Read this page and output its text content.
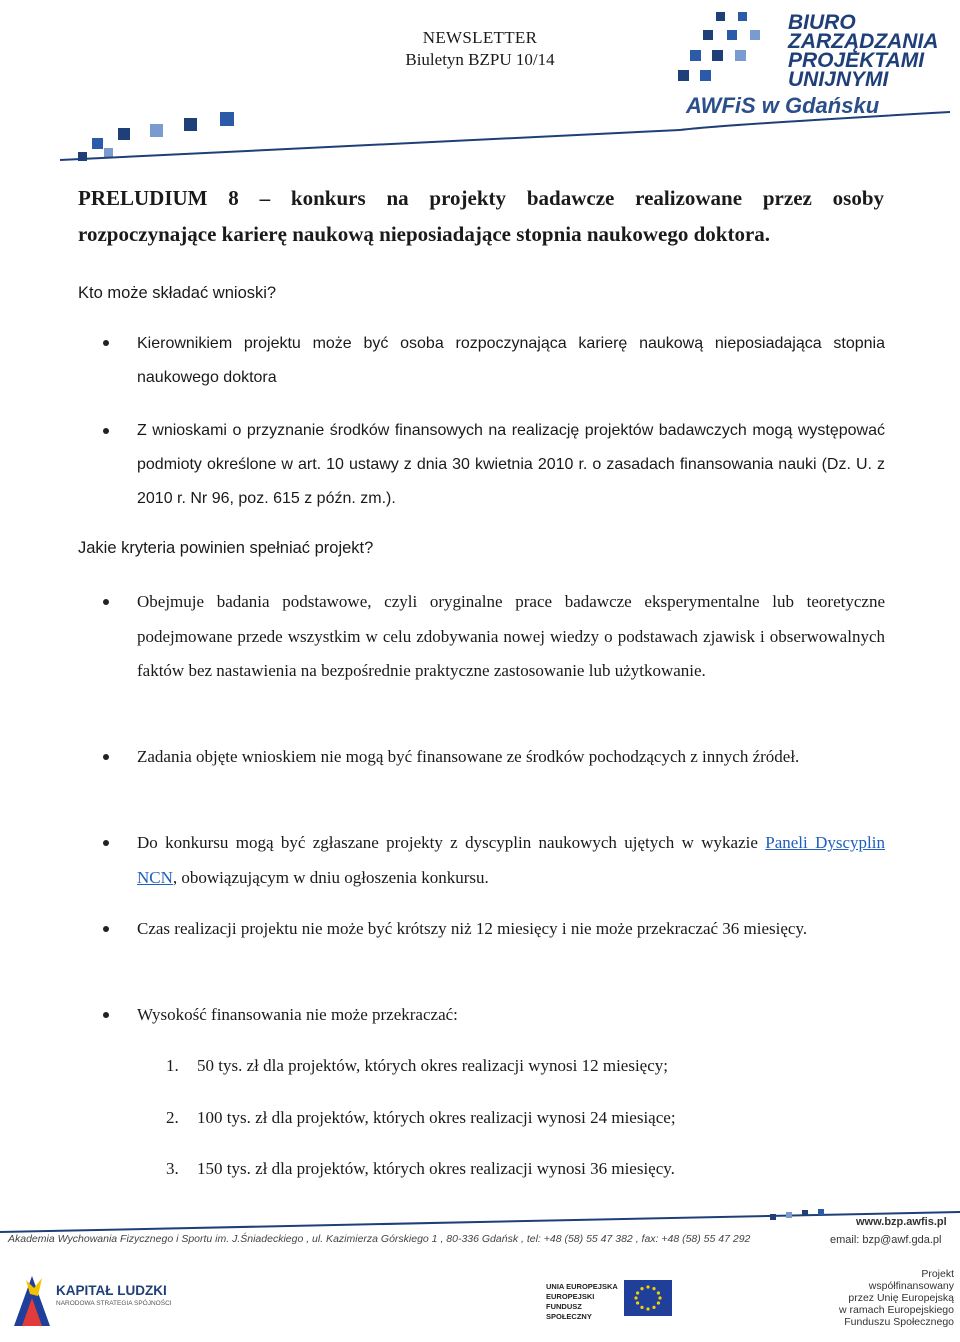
NEWSLETTER
Biuletyn BZPU 10/14
BIURO
ZARZĄDZANIA
PROJEKTAMI
UNIJNYMI
AWFiS w Gdańsku

PRELUDIUM 8 – konkurs na projekty badawcze realizowane przez osoby

rozpoczynające karierę naukową nieposiadające stopnia naukowego doktora.

Kto może składać wnioski?
Kierownikiem projektu może być osoba rozpoczynająca karierę naukową nieposiadająca stopnia naukowego doktora
Z wnioskami o przyznanie środków finansowych na realizację projektów badawczych mogą występować podmioty określone w art. 10 ustawy z dnia 30 kwietnia 2010 r. o zasadach finansowania nauki (Dz. U. z 2010 r. Nr 96, poz. 615 z późn. zm.).
Jakie kryteria powinien spełniać projekt?
Obejmuje badania podstawowe, czyli oryginalne prace badawcze eksperymentalne lub teoretyczne podejmowane przede wszystkim w celu zdobywania nowej wiedzy o podstawach zjawisk i obserwowalnych faktów bez nastawienia na bezpośrednie praktyczne zastosowanie lub użytkowanie.
Zadania objęte wnioskiem nie mogą być finansowane ze środków pochodzących z innych źródeł.
Do konkursu mogą być zgłaszane projekty z dyscyplin naukowych ujętych w wykazie Paneli Dyscyplin NCN, obowiązującym w dniu ogłoszenia konkursu.
Czas realizacji projektu nie może być krótszy niż 12 miesięcy i nie może przekraczać 36 miesięcy.
Wysokość finansowania nie może przekraczać:
1. 50 tys. zł dla projektów, których okres realizacji wynosi 12 miesięcy;
2. 100 tys. zł dla projektów, których okres realizacji wynosi 24 miesiące;
3. 150 tys. zł dla projektów, których okres realizacji wynosi 36 miesięcy.
www.bzp.awfis.pl
Akademia Wychowania Fizycznego i Sportu im. J.Śniadeckiego , ul. Kazimierza Górskiego 1 , 80-336 Gdańsk , tel: +48 (58) 55 47 382 , fax: +48 (58) 55 47 292	email: bzp@awf.gda.pl
KAPITAŁ LUDZKI
NARODOWA STRATEGIA SPÓJNOŚCI
UNIA EUROPEJSKA
EUROPEJSKI
FUNDUSZ SPOŁECZNY
Projekt współfinansowany
przez Unię Europejską
w ramach Europejskiego
Funduszu Społecznego
